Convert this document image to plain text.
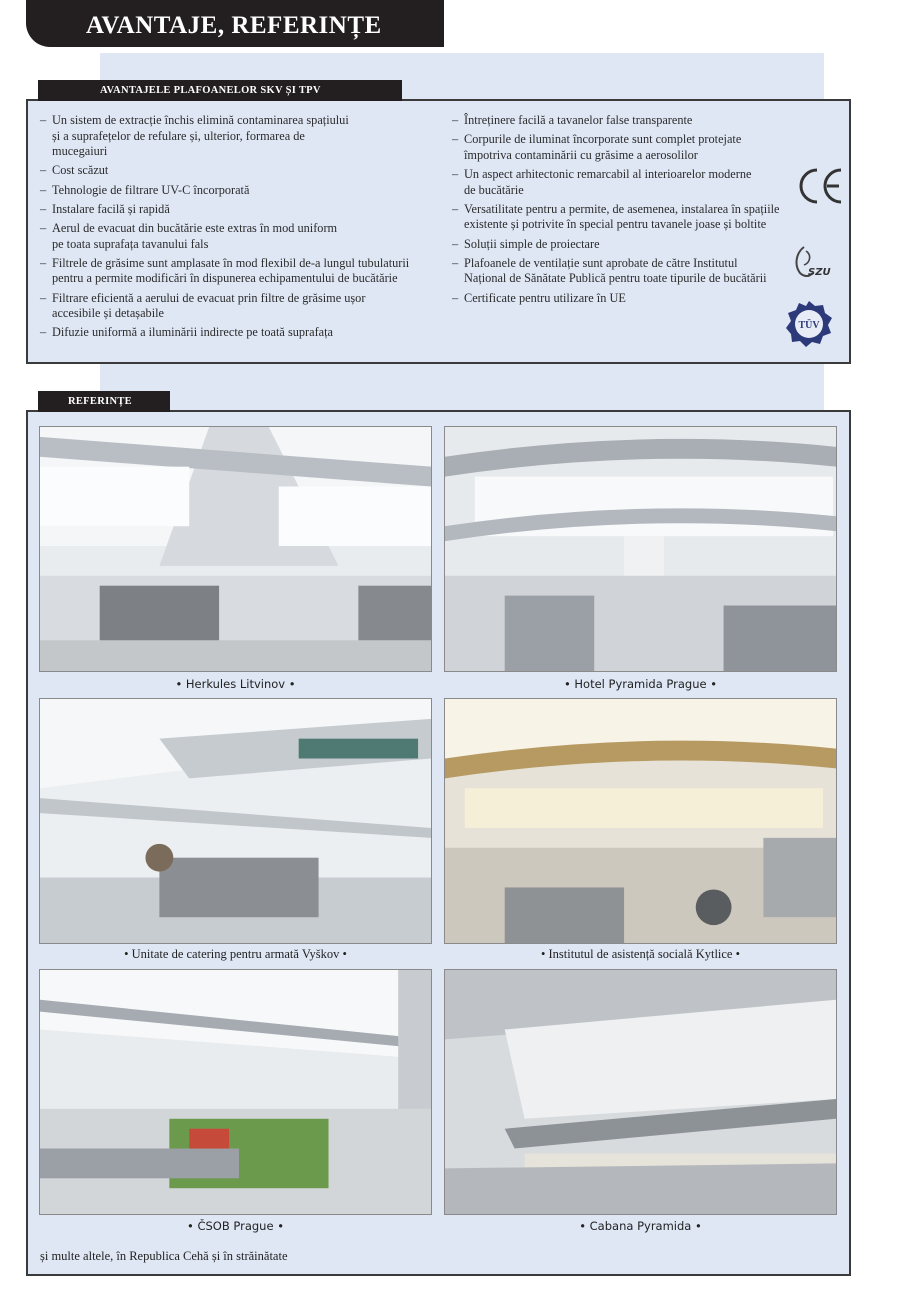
AVANTAJE, REFERINȚE
AVANTAJELE PLAFOANELOR SKV ȘI TPV
– Un sistem de extracție închis elimină contaminarea spațiului
și a suprafețelor de refulare și, ulterior, formarea de
mucegaiuri
– Cost scăzut
– Tehnologie de filtrare UV-C încorporată
– Instalare facilă și rapidă
– Aerul de evacuat din bucătărie este extras în mod uniform
pe toata suprafața tavanului fals
– Filtrele de grăsime sunt amplasate în mod flexibil de-a lungul tubulaturii
pentru a permite modificări în dispunerea echipamentului de bucătărie
– Filtrare eficientă a aerului de evacuat prin filtre de grăsime ușor
accesibile și detașabile
– Difuzie uniformă a iluminării indirecte pe toată suprafața
– Întreținere facilă a tavanelor false transparente
– Corpurile de iluminat încorporate sunt complet protejate
împotriva contaminării cu grăsime a aerosolilor
– Un aspect arhitectonic remarcabil al interioarelor moderne
de bucătărie
– Versatilitate pentru a permite, de asemenea, instalarea în spațiile
existente și potrivite în special pentru tavanele joase și boltite
– Soluții simple de proiectare
– Plafoanele de ventilație sunt aprobate de către Institutul
Național de Sănătate Publică pentru toate tipurile de bucătării
– Certificate pentru utilizare în UE
SZU
TÜV
REFERINȚE
• Herkules Litvinov •	• Hotel Pyramida Prague •
• Unitate de catering pentru armată Vyškov •	• Institutul de asistență socială Kytlice •
• ČSOB Prague •	• Cabana Pyramida •
și multe altele, în Republica Cehă și în străinătate
